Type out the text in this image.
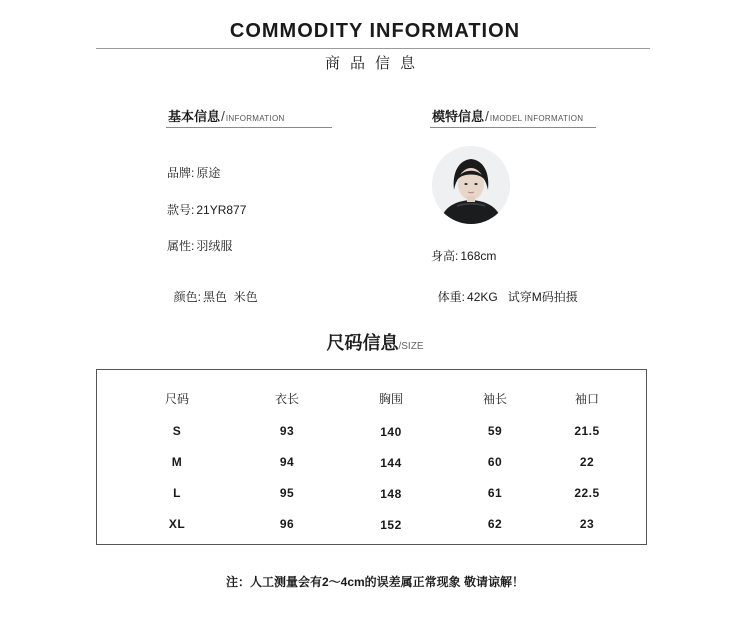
COMMODITY INFORMATION
商品信息
基本信息/INFORMATION
品牌: 原途
款号: 21YR877
属性: 羽绒服

颜色: 黑色  米色

模特信息/IMODEL INFORMATION
身高: 168cm

体重: 42KG   试穿M码拍摄

尺码信息/SIZE
尺码	衣长	胸围	袖长	袖口
S	93	140	59	21.5
M	94	144	60	22
L	95	148	61	22.5
XL	96	152	62	23
注：人工测量会有2～4cm的误差属正常现象 敬请谅解！
